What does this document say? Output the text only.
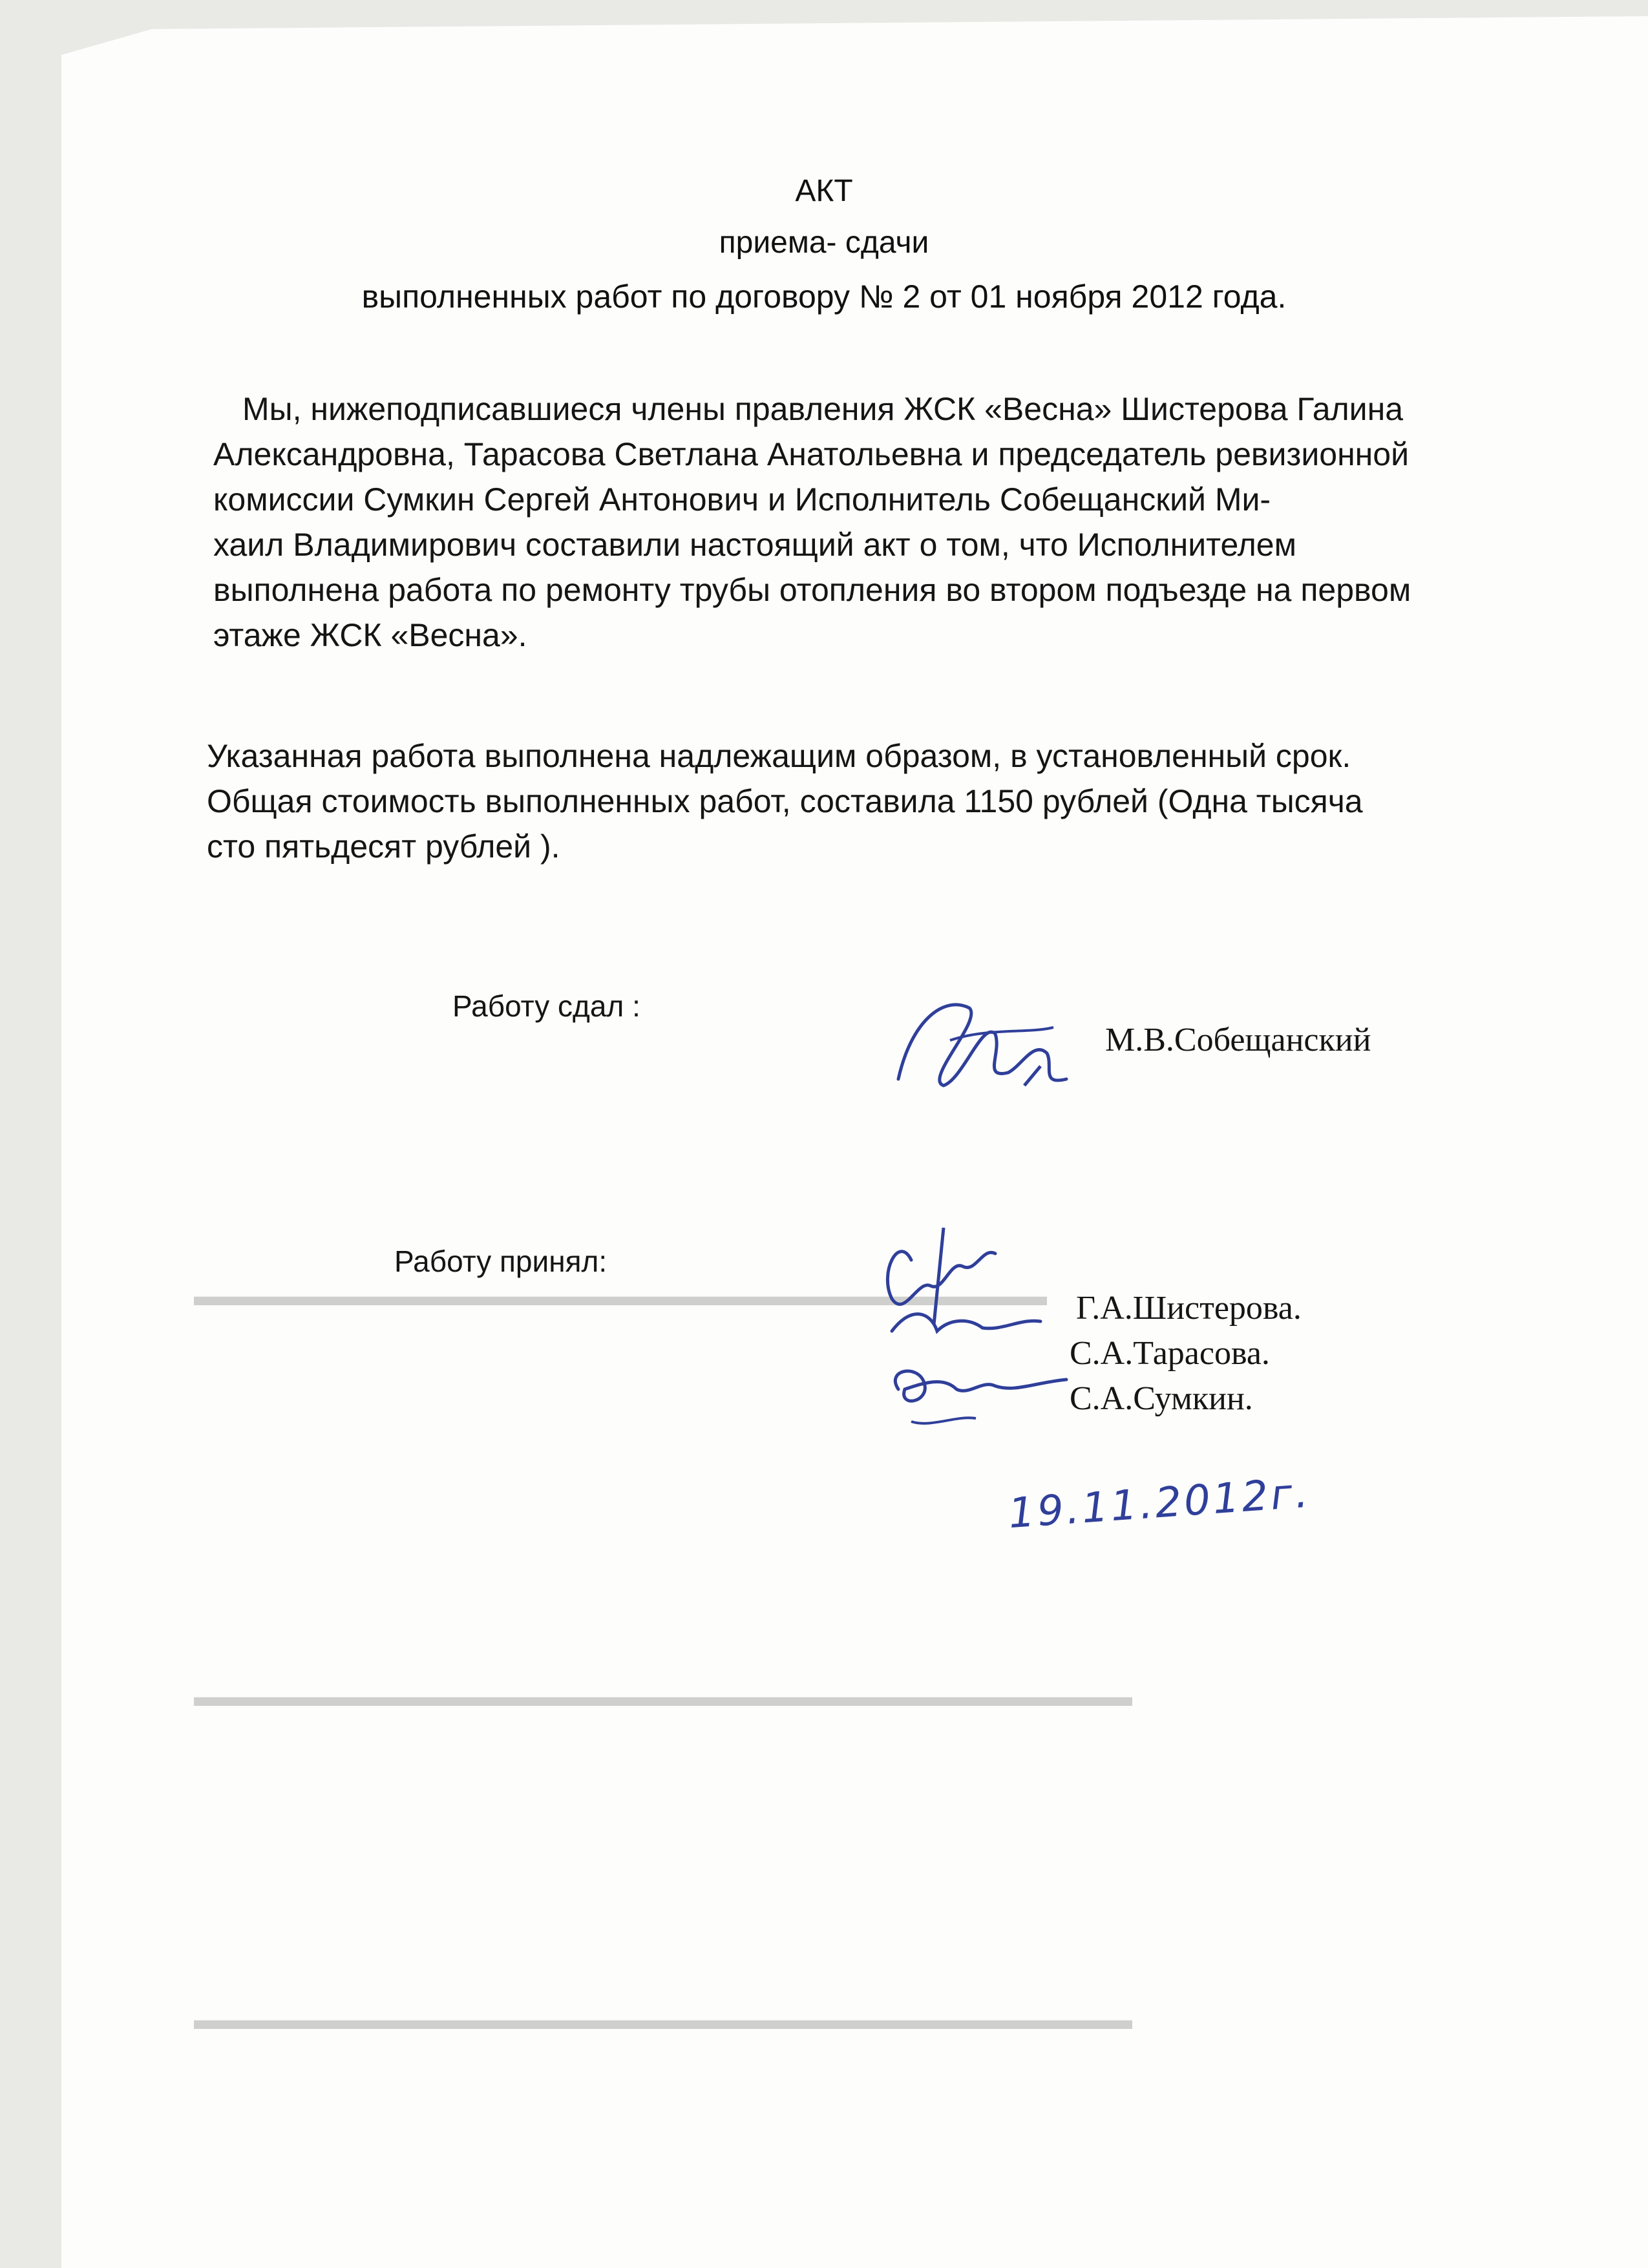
▬▬▬▬▬▬▬▬▬▬▬▬▬▬▬▬▬▬▬▬▬▬▬▬▬▬▬▬▬▬
▬▬▬▬▬▬▬▬▬▬▬▬▬▬▬▬▬▬▬▬▬▬▬▬▬▬▬▬▬▬▬▬▬
▬▬▬▬▬▬▬▬▬▬▬▬▬▬▬▬▬▬▬▬▬▬▬▬▬▬▬▬▬▬▬▬▬
АКТ
приема- сдачи
выполненных работ по договору № 2 от 01 ноября 2012 года.
Мы, нижеподписавшиеся члены правления ЖСК «Весна» Шистерова Галина
Александровна, Тарасова Светлана Анатольевна и председатель ревизионной
комиссии Сумкин Сергей Антонович и Исполнитель Собещанский Ми-
хаил Владимирович составили настоящий акт о том, что Исполнителем
выполнена работа по ремонту трубы отопления во втором подъезде на первом
этаже ЖСК «Весна».
Указанная работа выполнена надлежащим образом, в установленный срок.
Общая стоимость выполненных работ, составила 1150 рублей (Одна тысяча
сто пятьдесят рублей ).
Работу сдал :
М.В.Собещанский
Работу принял:
Г.А.Шистерова.
С.А.Тарасова.
С.А.Сумкин.
19.11.2012г.
